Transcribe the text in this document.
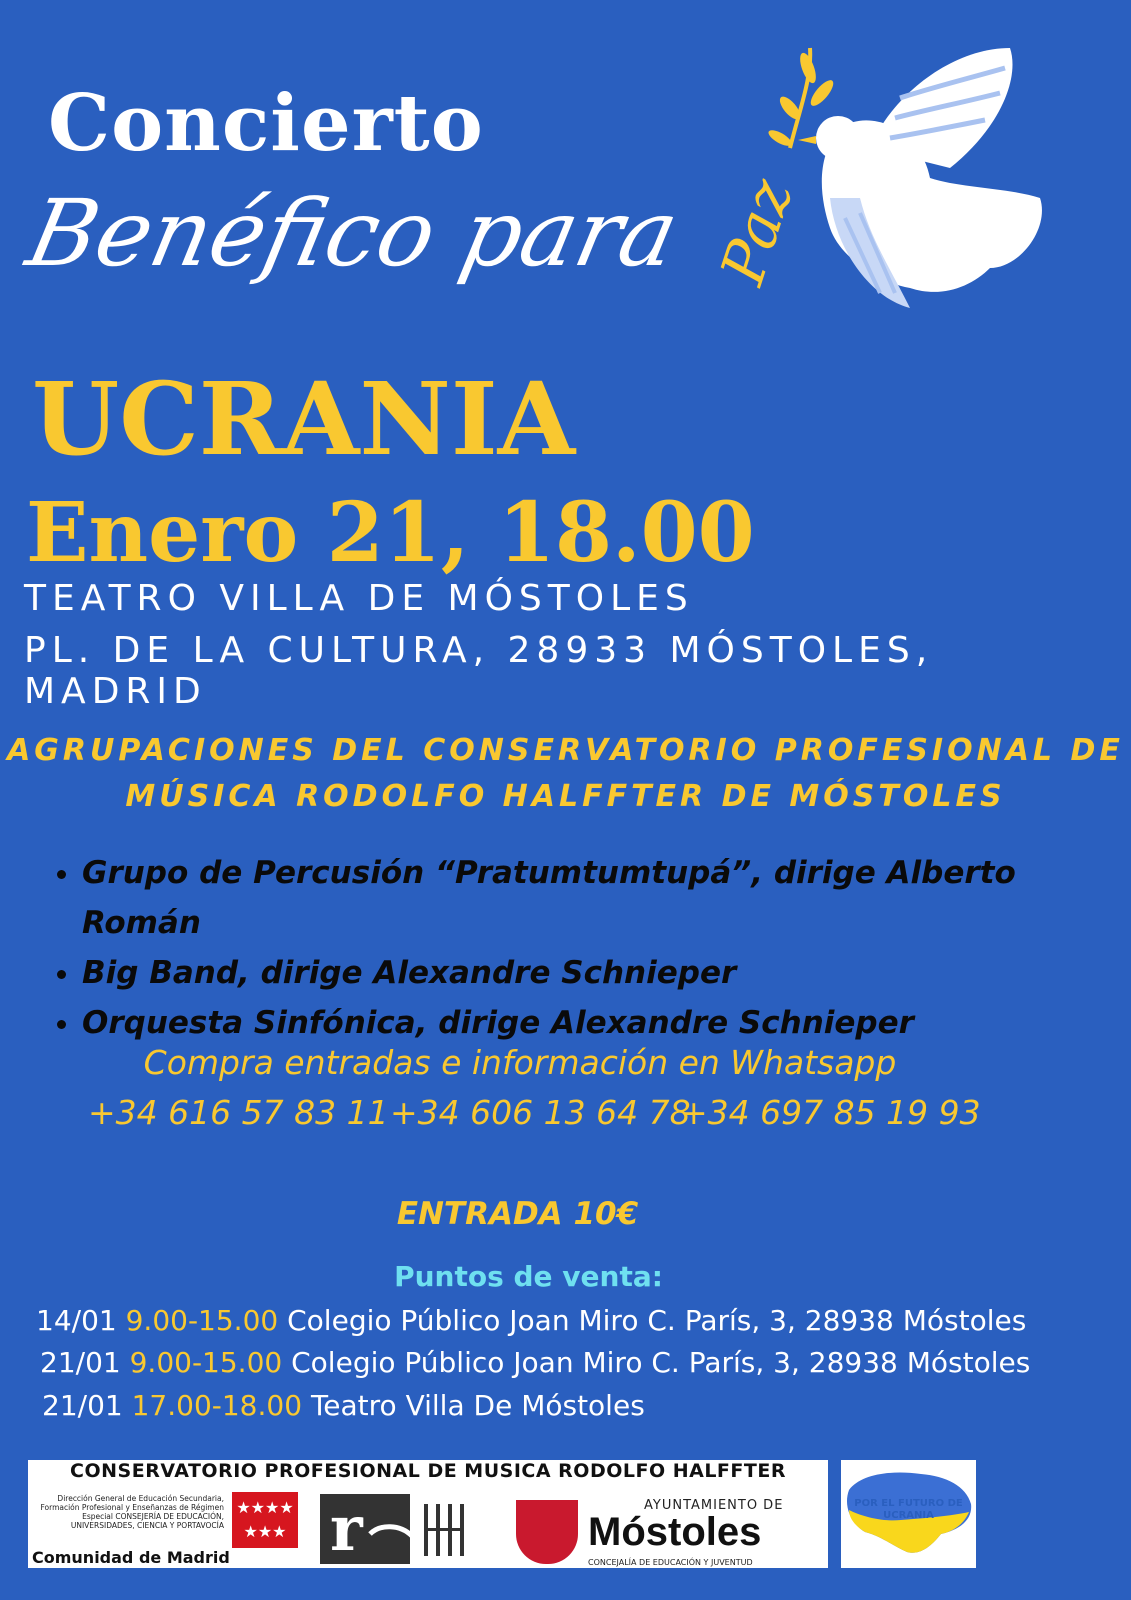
Concierto
Benéfico para Paz
UCRANIA
Enero 21, 18.00
TEATRO VILLA DE MÓSTOLES
PL. DE LA CULTURA, 28933 MÓSTOLES, MADRID
AGRUPACIONES DEL CONSERVATORIO PROFESIONAL DE
MÚSICA RODOLFO HALFFTER DE MÓSTOLES
• Grupo de Percusión “Pratumtumtupá”, dirige Alberto Román
• Big Band, dirige Alexandre Schnieper
• Orquesta Sinfónica, dirige Alexandre Schnieper
Compra entradas e información en Whatsapp
+34 616 57 83 11 +34 606 13 64 78
+34 697 85 19 93
ENTRADA 10€
Puntos de venta:
14/01 9.00-15.00 Colegio Público Joan Miro C. París, 3, 28938 Móstoles
21/01 9.00-15.00 Colegio Público Joan Miro C. París, 3, 28938 Móstoles
21/01 17.00-18.00 Teatro Villa De Móstoles
CONSERVATORIO PROFESIONAL DE MUSICA RODOLFO HALFFTER
Dirección General de Educación Secundaria, Formación Profesional y Enseñanzas de Régimen Especial CONSEJERÍA DE EDUCACIÓN, UNIVERSIDADES, CIENCIA Y PORTAVOCÍA
★★★★
★★★
Comunidad de Madrid r	AYUNTAMIENTO DE
Móstoles
CONCEJALÍA DE EDUCACIÓN Y JUVENTUD
POR EL FUTURO DE UCRANIA
